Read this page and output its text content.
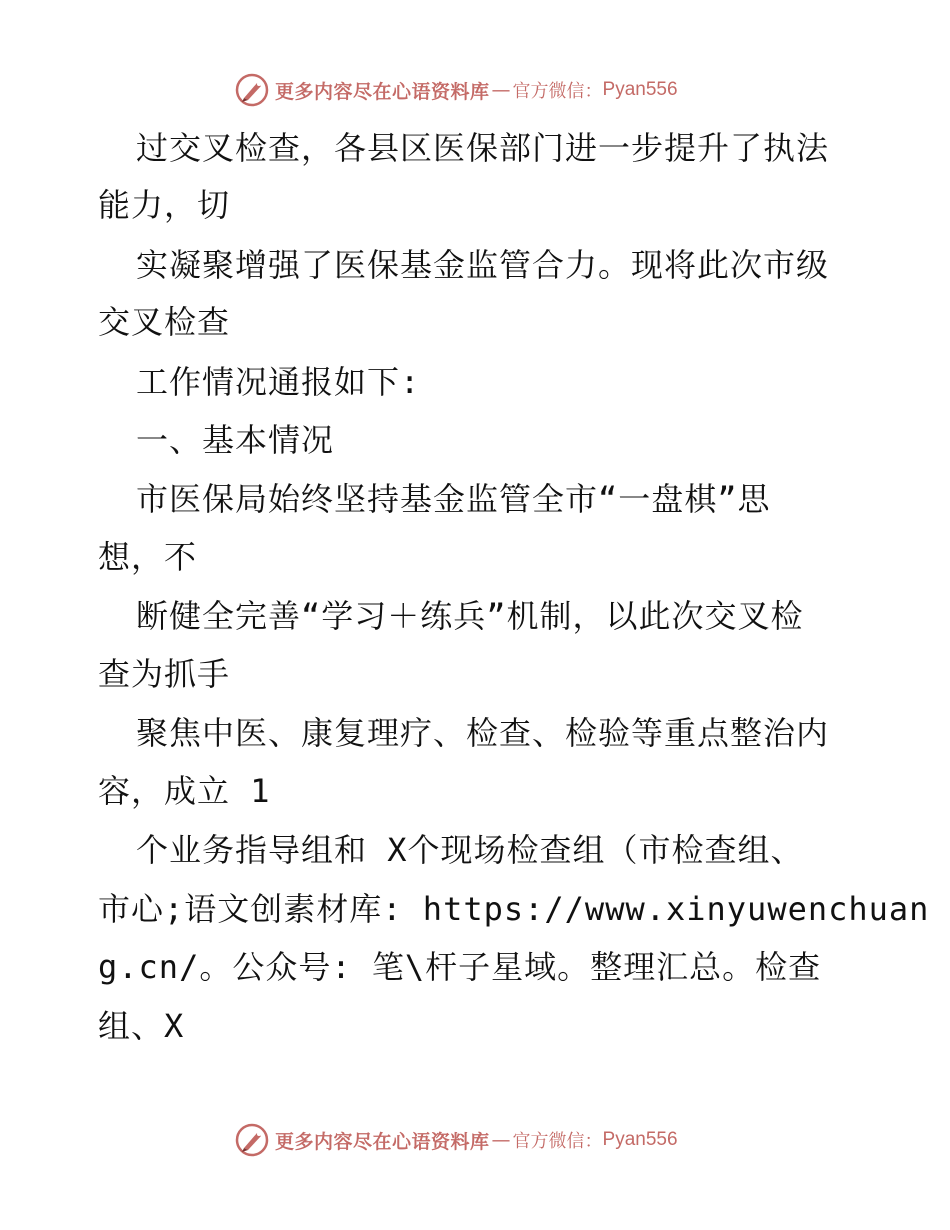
更多内容尽在心语资料库 — 官方微信： Pyan556
过交叉检查，各县区医保部门进一步提升了执法
能力，切
实凝聚增强了医保基金监管合力。现将此次市级
交叉检查
工作情况通报如下:
一、基本情况
市医保局始终坚持基金监管全市“一盘棋”思
想，不
断健全完善“学习＋练兵”机制，以此次交叉检
查为抓手
聚焦中医、康复理疗、检查、检验等重点整治内
容，成立 1
个业务指导组和 X个现场检查组（市检查组、
市心;语文创素材库: https://www.xinyuwenchuan
g.cn/。公众号: 笔\杆子星域。整理汇总。检查
组、X
更多内容尽在心语资料库 — 官方微信： Pyan556
